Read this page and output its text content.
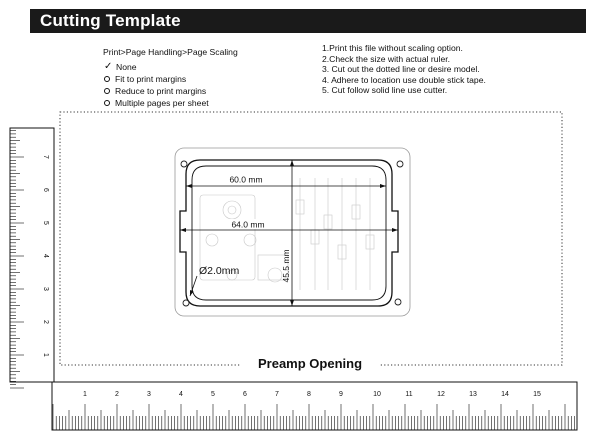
Cutting Template
Print>Page Handling>Page Scaling
✓ None
Fit to print margins
Reduce to print margins
Multiple pages per sheet
1.Print this file without scaling option.
2.Check the size with actual ruler.
3. Cut out the dotted line or desire model.
4. Adhere to location use double stick tape.
5. Cut follow solid line use cutter.
60.0 mm
64.0 mm
45.5 mm
Ø2.0mm
1
2
3
4
5
6
7
1	2	3	4	5	6	7	8	9	10	11	12	13	14	15
Preamp Opening
